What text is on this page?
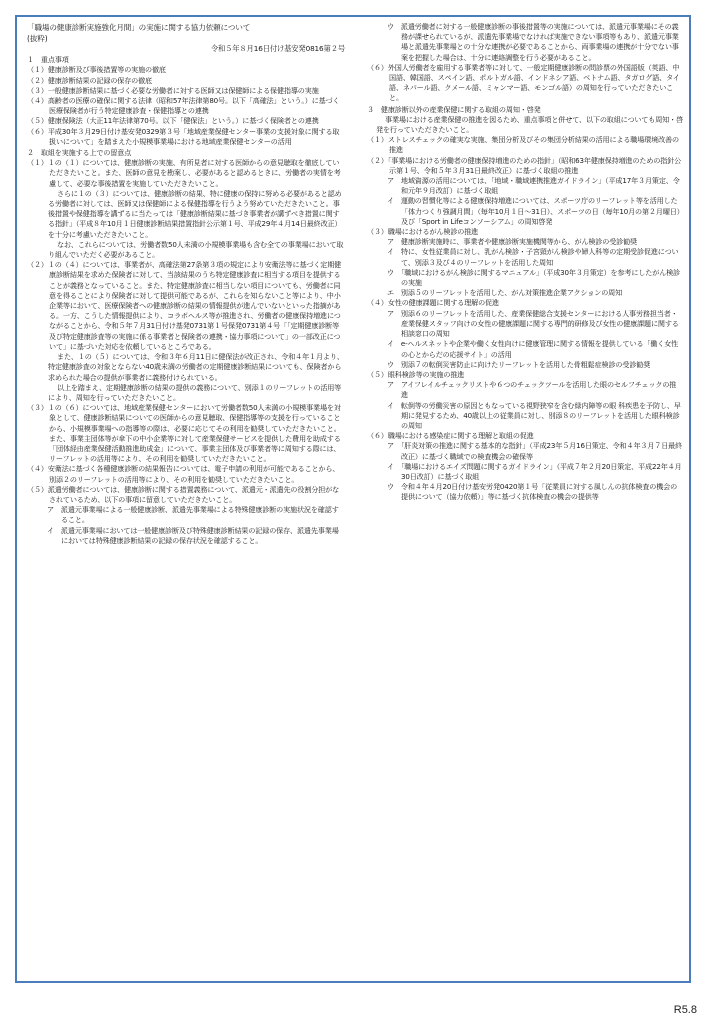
「職場の健康診断実施強化月間」の実施に関する協力依頼について
(抜粋)
令和５年８月16日付け基安発0816第２号
１　重点事項
（１）健康診断及び事後措置等の実施の徹底
（２）健康診断結果の記録の保存の徹底
（３）一般健康診断結果に基づく必要な労働者に対する医師又は保健師による保健指導の実施
（４）高齢者の医療の確保に関する法律（昭和57年法律第80号。以下「高確法」という。）に基づく医療保険者が行う特定健康診査・保健指導との連携
（５）健康保険法（大正11年法律第70号。以下「健保法」という。）に基づく保険者との連携
（６）平成30年３月29日付け基安発0329第３号「地域産業保健センター事業の支援対象に関する取扱いについて」を踏まえた小規模事業場における地域産業保健センターの活用
２　取組を実施する上での留意点
（１）１の（１）については、健康診断の実施、有所見者に対する医師からの意見聴取を徹底していただきたいこと。また、医師の意見を勘案し、必要があると認めるときに、労働者の実情を考慮して、必要な事後措置を実施していただきたいこと。
さらに１の（３）については、健康診断の結果、特に健康の保持に努める必要があると認める労働者に対しては、医師又は保健師による保健指導を行うよう努めていただきたいこと。事後措置や保健指導を講ずるに当たっては「健康診断結果に基づき事業者が講ずべき措置に関する指針」（平成８年10月１日健康診断結果措置指針公示第１号、平成29年４月14日最終改正）を十分に考慮いただきたいこと。
なお、これらについては、労働者数50人未満の小規模事業場も含む全ての事業場において取り組んでいただく必要があること。
（２）１の（４）については、事業者が、高確法第27条第３項の規定により安衛法等に基づく定期健康診断結果を求めた保険者に対して、当該結果のうち特定健康診査に相当する項目を提供することが義務となっていること。また、特定健康診査に相当しない項目についても、労働者に同意を得ることにより保険者に対して提供可能であるが、これらを知らないこと等により、中小企業等において、医療保険者への健康診断の結果の情報提供が進んでいないといった指摘がある。一方、こうした情報提供により、コラボヘルス等が推進され、労働者の健康保持増進につながることから、令和５年７月31日付け基発0731第１号保発0731第４号「「定期健康診断等及び特定健康診査等の実施に係る事業者と保険者の連携・協力事項について」の一部改正について」に基づいた対応を依頼しているところである。
また、１の（５）については、令和３年６月11日に健保法が改正され、令和４年１月より、特定健康診査の対象とならない40歳未満の労働者の定期健康診断結果についても、保険者から求められた場合の提供が事業者に義務付けられている。
以上を踏まえ、定期健康診断の結果の提供の義務について、別添１のリーフレットの活用等により、周知を行っていただきたいこと。
（３）１の（６）については、地域産業保健センターにおいて労働者数50人未満の小規模事業場を対象として、健康診断結果についての医師からの意見聴取、保健指導等の支援を行っていることから、小規模事業場への指導等の際は、必要に応じてその利用を勧奨していただきたいこと。また、事業主団体等が傘下の中小企業等に対して産業保健サービスを提供した費用を助成する「団体経由産業保健活動推進助成金」について、事業主団体及び事業者等に周知する際には、リーフレットの活用等により、その利用を勧奨していただきたいこと。
（４）安衛法に基づく各種健康診断の結果報告については、電子申請の利用が可能であることから、別添２のリーフレットの活用等により、その利用を勧奨していただきたいこと。
（５）派遣労働者については、健康診断に関する措置義務について、派遣元・派遣先の役割分担がなされているため、以下の事項に留意していただきたいこと。
ア　派遣元事業場による一般健康診断、派遣先事業場による特殊健康診断の実施状況を確認すること。
イ　派遣元事業場においては一般健康診断及び特殊健康診断結果の記録の保存、派遣先事業場においては特殊健康診断結果の記録の保存状況を確認すること。
ウ　派遣労働者に対する一般健康診断の事後措置等の実施については、派遣元事業場にその義務が課せられているが、派遣先事業場でなければ実施できない事項等もあり、派遣元事業場と派遣先事業場との十分な連携が必要であることから、両事業場の連携が十分でない事案を把握した場合は、十分に連絡調整を行う必要があること。
（６）外国人労働者を雇用する事業者等に対して、一般定期健康診断の問診票の外国語版（英語、中国語、韓国語、スペイン語、ポルトガル語、インドネシア語、ベトナム語、タガログ語、タイ語、ネパール語、クメール語、ミャンマー語、モンゴル語）の周知を行っていただきたいこと。
３　健康診断以外の産業保健に関する取組の周知・啓発
事業場における産業保健の推進を図るため、重点事項と併せて、以下の取組についても周知・啓発を行っていただきたいこと。
（１）ストレスチェックの確実な実施、集団分析及びその集団分析結果の活用による職場環境改善の推進
（２）「事業場における労働者の健康保持増進のための指針」（昭和63年健康保持増進のための指針公示第１号、令和５年３月31日最終改正）に基づく取組の推進
ア　地域資源の活用については、「地域・職域連携推進ガイドライン」（平成17年３月策定、令和元年９月改訂）に基づく取組
イ　運動の習慣化等による健康保持増進については、スポーツ庁のリーフレット等を活用した「体力つくり強調月間」（毎年10月１日～31日）、スポーツの日（毎年10月の第２月曜日）及び「Sport in Lifeコンソーシアム」の周知啓発
（３）職場におけるがん検診の推進
ア　健康診断実施時に、事業者や健康診断実施機関等から、がん検診の受診勧奨
イ　特に、女性従業員に対し、乳がん検診・子宮頸がん検診や婦人科等の定期受診促進について、別添３及び４のリーフレットを活用した周知
ウ　「職域におけるがん検診に関するマニュアル」（平成30年３月策定）を参考にしたがん検診の実施
エ　別添５のリーフレットを活用した、がん対策推進企業アクションの周知
（４）女性の健康課題に関する理解の促進
ア　別添６のリーフレットを活用した、産業保健総合支援センターにおける人事労務担当者・産業保健スタッフ向けの女性の健康課題に関する専門的研修及び女性の健康課題に関する相談窓口の周知
イ　e-ヘルスネットや企業や働く女性向けに健康管理に関する情報を提供している「働く女性の心とからだの応援サイト」の活用
ウ　別添７の転倒災害防止に向けたリーフレットを活用した骨粗鬆症検診の受診勧奨
（５）眼科検診等の実施の推進
ア　アイフレイルチェックリストや６つのチェックツールを活用した眼のセルフチェックの推進
イ　転倒等の労働災害の原因ともなっている視野狭窄を含む緑内障等の眼 科疾患を予防し、早期に発見するため、40歳以上の従業員に対し、別添８のリーフレットを活用した眼科検診の周知
（６）職場における感染症に関する理解と取組の促進
ア　「肝炎対策の推進に関する基本的な指針」（平成23年５月16日策定、令和４年３月７日最終改正）に基づく職域での検査機会の確保等
イ　「職場におけるエイズ問題に関するガイドライン」（平成７年２月20日策定、平成22年４月30日改訂）に基づく取組
ウ　令和４年４月20日付け基安労発0420第１号「従業員に対する風しんの抗体検査の機会の提供について（協力依頼）」等に基づく抗体検査の機会の提供等
R5.8
